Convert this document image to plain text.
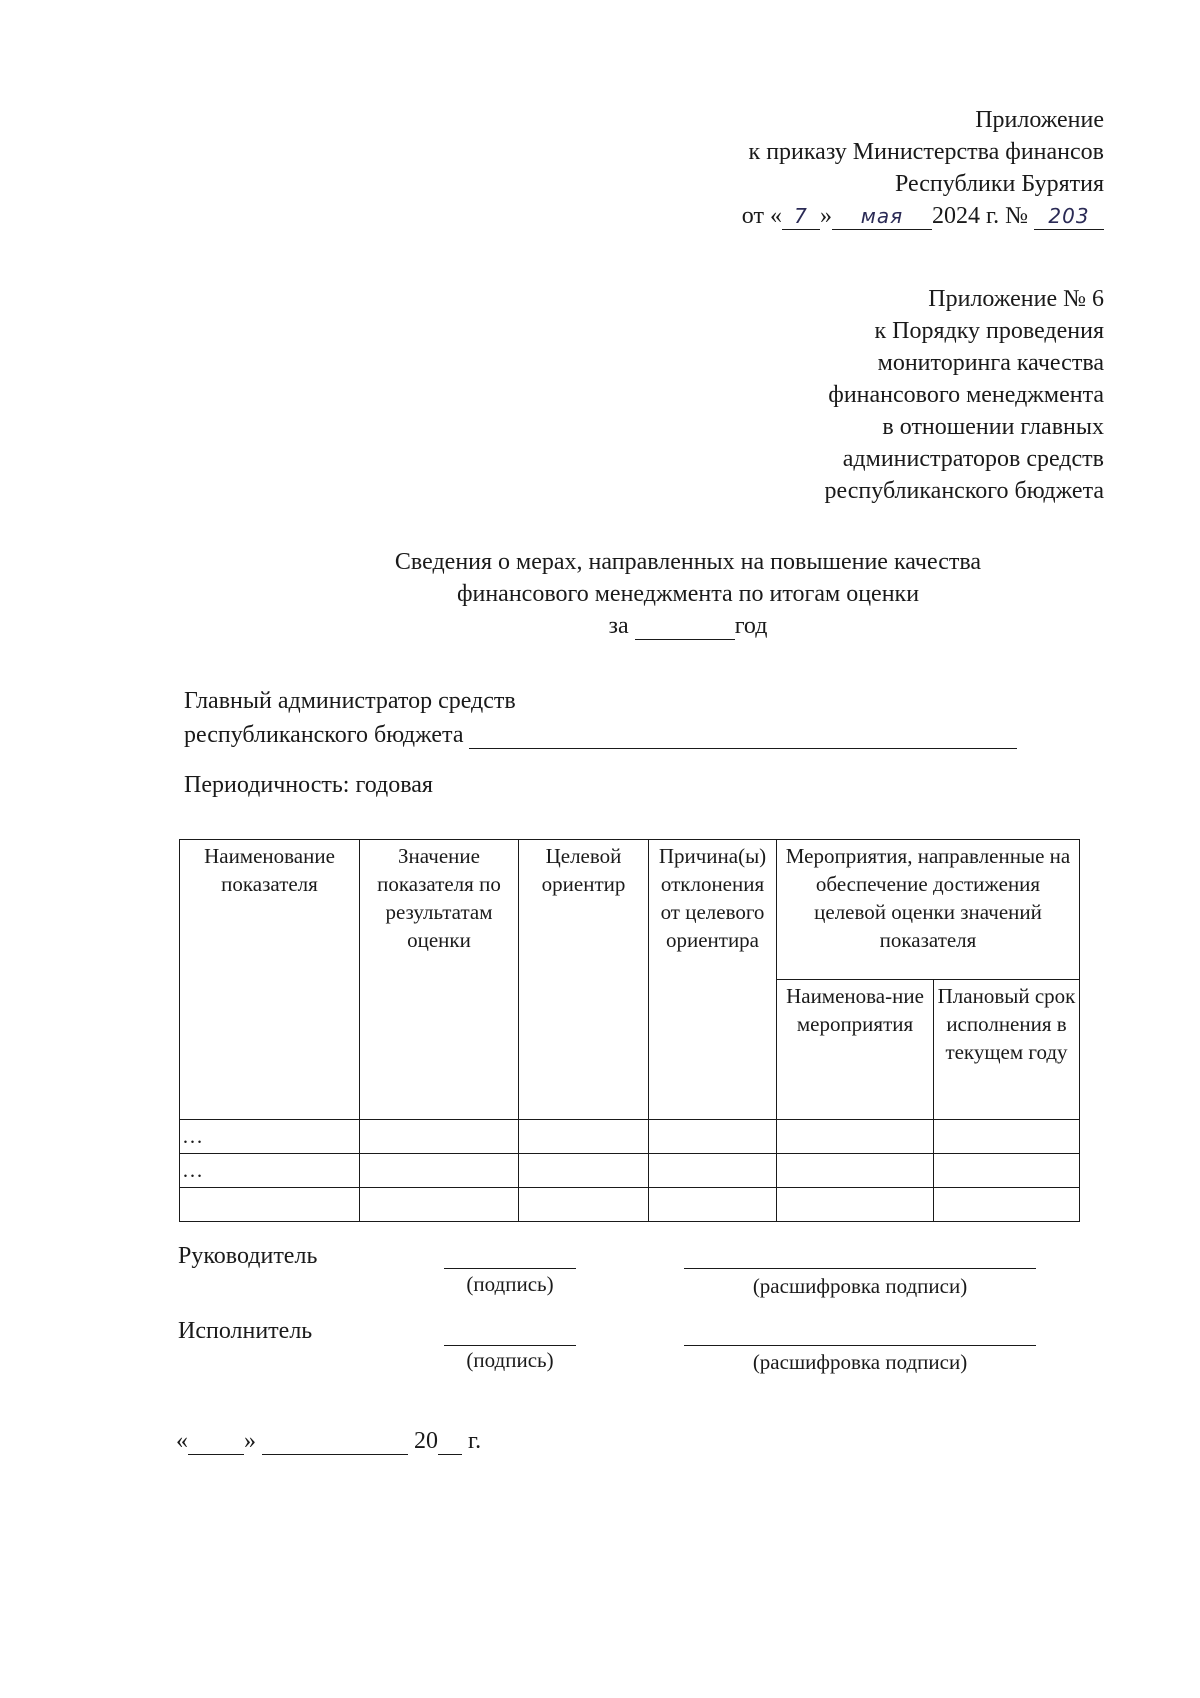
Приложение
к приказу Министерства финансов
Республики Бурятия
от « 7 » мая 2024 г. № 203
Приложение № 6
к Порядку проведения
мониторинга качества
финансового менеджмента
в отношении главных
администраторов средств
республиканского бюджета
Сведения о мерах, направленных на повышение качества
финансового менеджмента по итогам оценки
за	год
Главный администратор средств
республиканского бюджета
Периодичность: годовая
Наименование показателя	Значение показателя по результатам оценки	Целевой ориентир	Причина(ы) отклонения от целевого ориентира	Мероприятия, направленные на обеспечение достижения целевой оценки значений показателя	
				Наименова-ние мероприятия	Плановый срок исполнения в текущем году
…					
…					

Руководитель
(подпись)	(расшифровка подписи)
Исполнитель
(подпись)	(расшифровка подписи)
« »	20 г.
